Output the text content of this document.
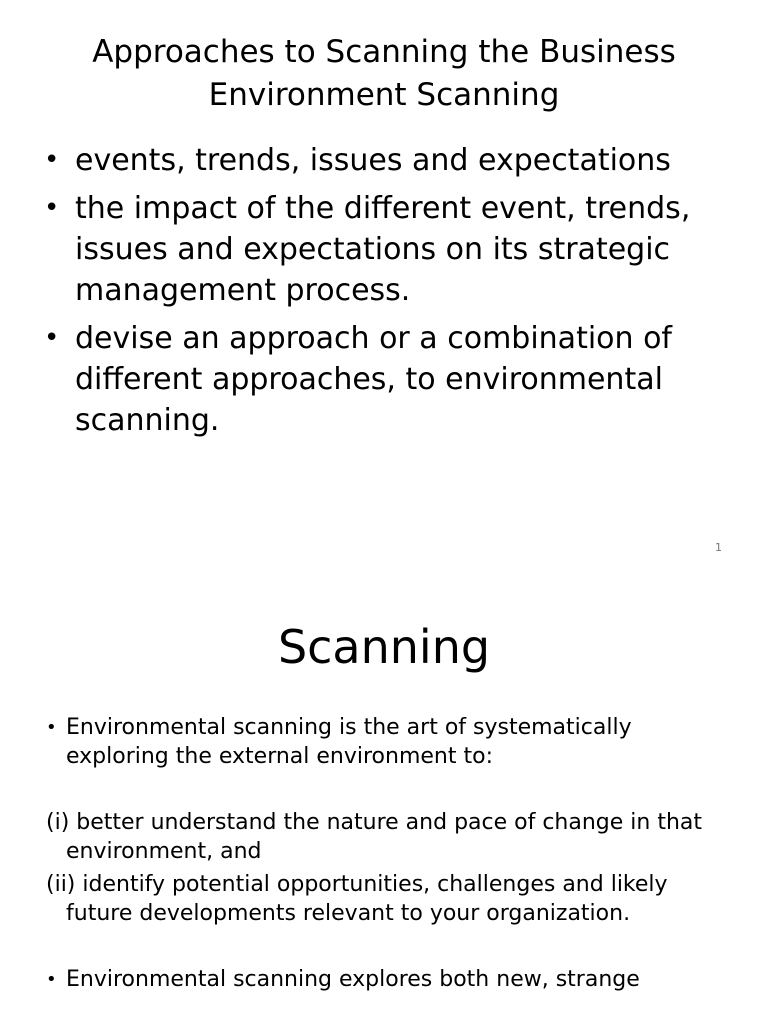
Approaches to Scanning the Business Environment Scanning
• events, trends, issues and expectations
• the impact of the different event, trends, issues and expectations on its strategic management process.
• devise an approach or a combination of different approaches, to environmental scanning.
1
Scanning

• Environmental scanning is the art of systematically exploring the external environment to:

(i) better understand the nature and pace of change in that environment, and

(ii) identify potential opportunities, challenges and likely future developments relevant to your organization.

• Environmental scanning explores both new, strange
